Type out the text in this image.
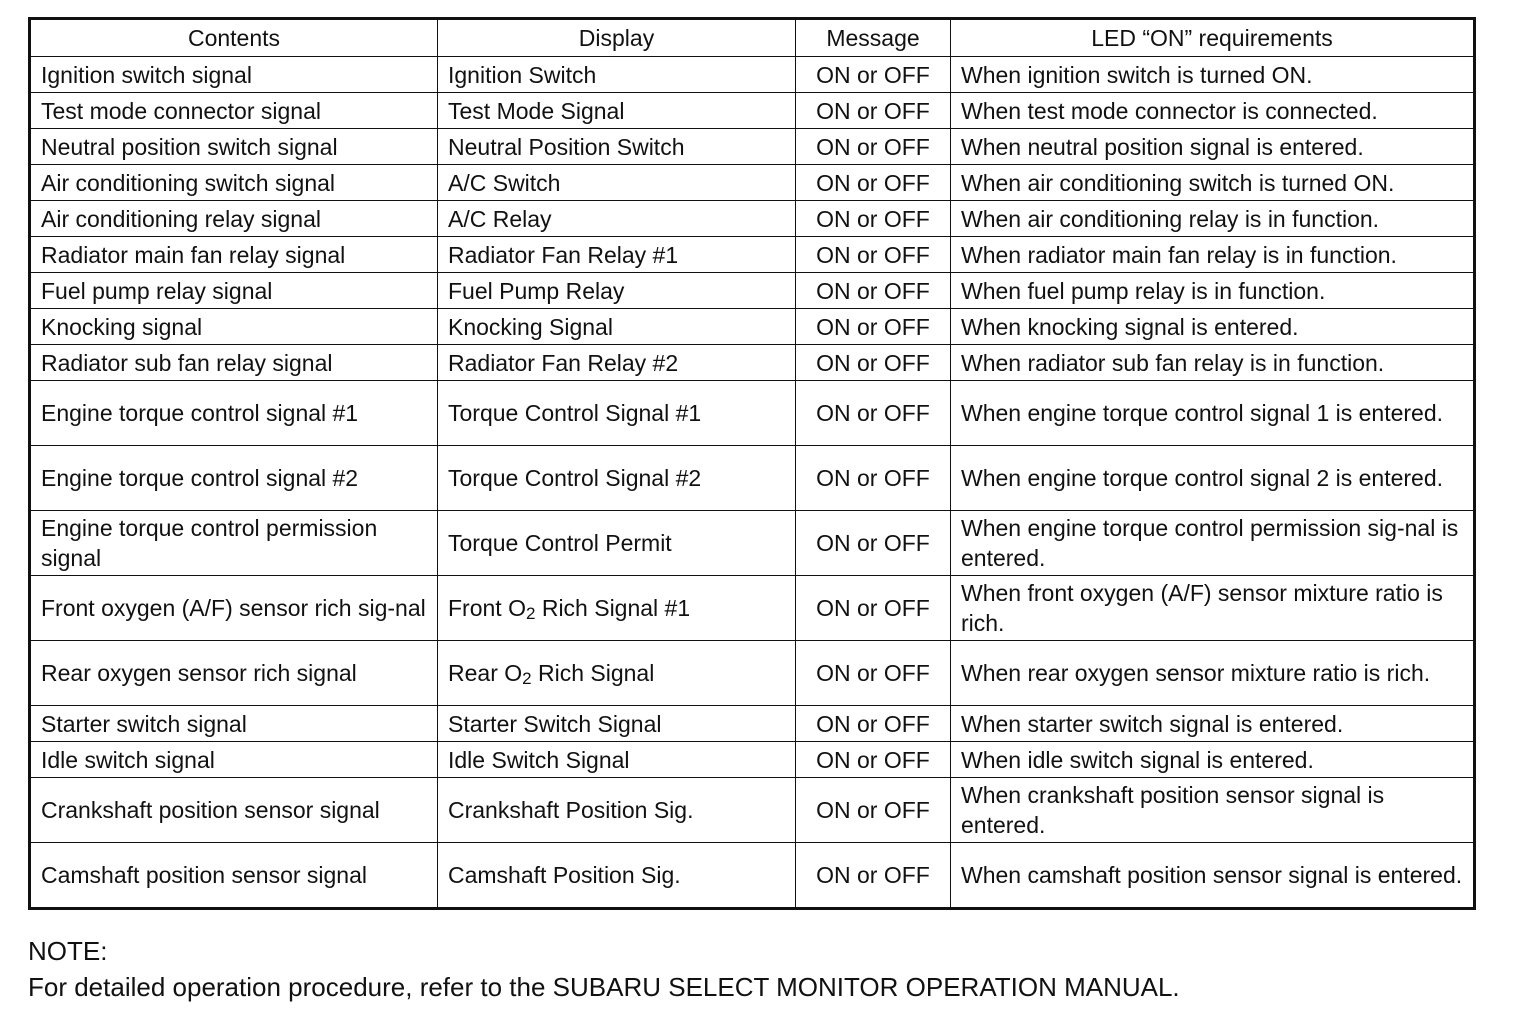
Contents	Display	Message	LED “ON” requirements
Ignition switch signal	Ignition Switch	ON or OFF	When ignition switch is turned ON.
Test mode connector signal	Test Mode Signal	ON or OFF	When test mode connector is connected.
Neutral position switch signal	Neutral Position Switch	ON or OFF	When neutral position signal is entered.
Air conditioning switch signal	A/C Switch	ON or OFF	When air conditioning switch is turned ON.
Air conditioning relay signal	A/C Relay	ON or OFF	When air conditioning relay is in function.
Radiator main fan relay signal	Radiator Fan Relay #1	ON or OFF	When radiator main fan relay is in function.
Fuel pump relay signal	Fuel Pump Relay	ON or OFF	When fuel pump relay is in function.
Knocking signal	Knocking Signal	ON or OFF	When knocking signal is entered.
Radiator sub fan relay signal	Radiator Fan Relay #2	ON or OFF	When radiator sub fan relay is in function.
Engine torque control signal #1	Torque Control Signal #1	ON or OFF	When engine torque control signal 1 is entered.
Engine torque control signal #2	Torque Control Signal #2	ON or OFF	When engine torque control signal 2 is entered.
Engine torque control permission signal	Torque Control Permit	ON or OFF	When engine torque control permission sig-nal is entered.
Front oxygen (A/F) sensor rich sig-nal	Front $O_2$ Rich Signal #1	ON or OFF	When front oxygen (A/F) sensor mixture ratio is rich.
Rear oxygen sensor rich signal	Rear $O_2$ Rich Signal	ON or OFF	When rear oxygen sensor mixture ratio is rich.
Starter switch signal	Starter Switch Signal	ON or OFF	When starter switch signal is entered.
Idle switch signal	Idle Switch Signal	ON or OFF	When idle switch signal is entered.
Crankshaft position sensor signal	Crankshaft Position Sig.	ON or OFF	When crankshaft position sensor signal is entered.
Camshaft position sensor signal	Camshaft Position Sig.	ON or OFF	When camshaft position sensor signal is entered.
NOTE:
For detailed operation procedure, refer to the SUBARU SELECT MONITOR OPERATION MANUAL.
